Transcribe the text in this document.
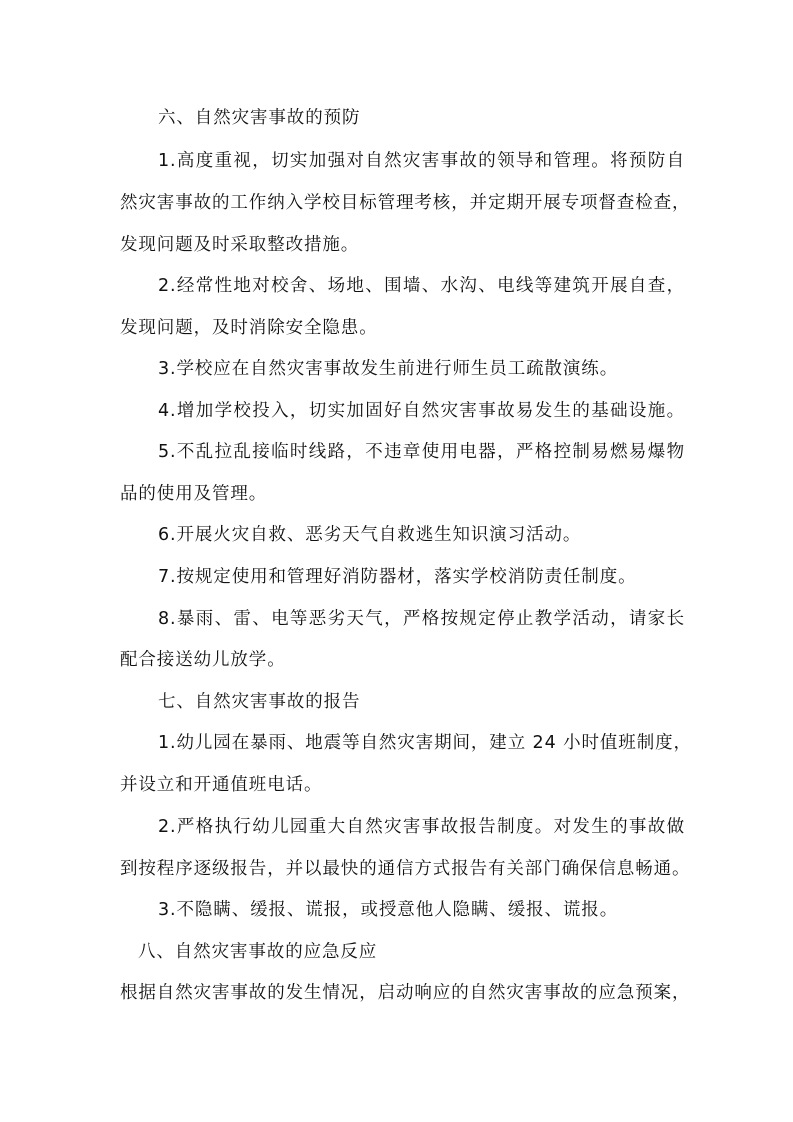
六、自然灾害事故的预防
1.高度重视，切实加强对自然灾害事故的领导和管理。将预防自
然灾害事故的工作纳入学校目标管理考核，并定期开展专项督查检查，
发现问题及时采取整改措施。
2.经常性地对校舍、场地、围墙、水沟、电线等建筑开展自查，
发现问题，及时消除安全隐患。
3.学校应在自然灾害事故发生前进行师生员工疏散演练。
4.增加学校投入，切实加固好自然灾害事故易发生的基础设施。
5.不乱拉乱接临时线路，不违章使用电器，严格控制易燃易爆物
品的使用及管理。
6.开展火灾自救、恶劣天气自救逃生知识演习活动。
7.按规定使用和管理好消防器材，落实学校消防责任制度。
8.暴雨、雷、电等恶劣天气，严格按规定停止教学活动，请家长
配合接送幼儿放学。
七、自然灾害事故的报告
1.幼儿园在暴雨、地震等自然灾害期间，建立 24 小时值班制度，
并设立和开通值班电话。
2.严格执行幼儿园重大自然灾害事故报告制度。对发生的事故做
到按程序逐级报告，并以最快的通信方式报告有关部门确保信息畅通。
3.不隐瞒、缓报、谎报，或授意他人隐瞒、缓报、谎报。
八、自然灾害事故的应急反应
根据自然灾害事故的发生情况，启动响应的自然灾害事故的应急预案，
